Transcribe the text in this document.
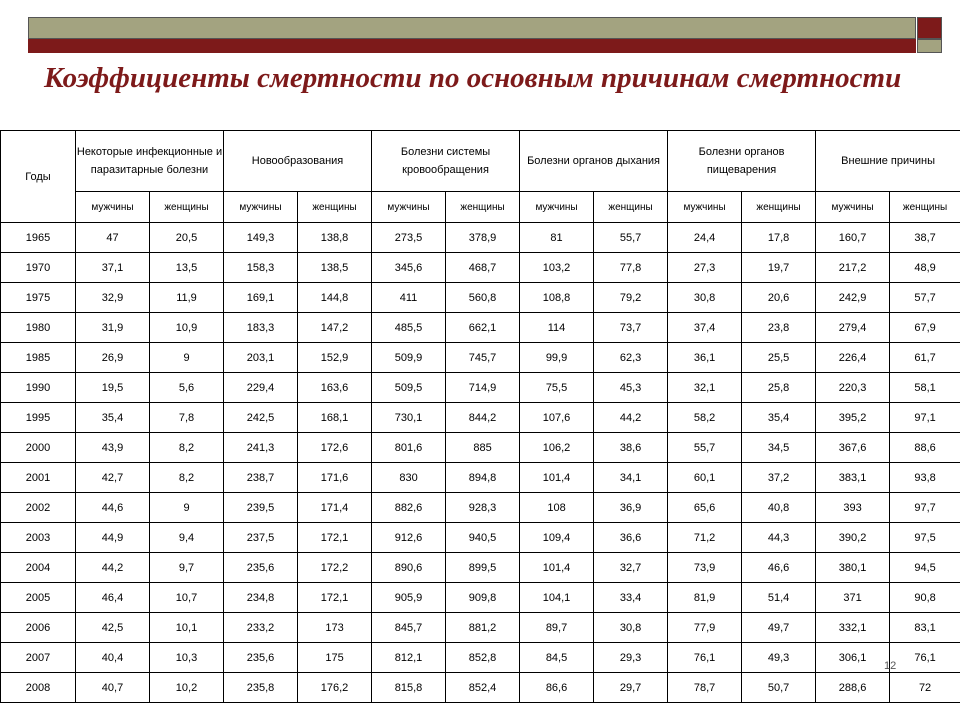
Коэффициенты смертности по основным причинам смертности
Годы	Некоторые инфекционные и паразитарные болезни		Новообразования		Болезни системы кровообращения		Болезни органов дыхания		Болезни органов пищеварения		Внешние причины	
	мужчины	женщины	мужчины	женщины	мужчины	женщины	мужчины	женщины	мужчины	женщины	мужчины	женщины
1965	47	20,5	149,3	138,8	273,5	378,9	81	55,7	24,4	17,8	160,7	38,7
1970	37,1	13,5	158,3	138,5	345,6	468,7	103,2	77,8	27,3	19,7	217,2	48,9
1975	32,9	11,9	169,1	144,8	411	560,8	108,8	79,2	30,8	20,6	242,9	57,7
1980	31,9	10,9	183,3	147,2	485,5	662,1	114	73,7	37,4	23,8	279,4	67,9
1985	26,9	9	203,1	152,9	509,9	745,7	99,9	62,3	36,1	25,5	226,4	61,7
1990	19,5	5,6	229,4	163,6	509,5	714,9	75,5	45,3	32,1	25,8	220,3	58,1
1995	35,4	7,8	242,5	168,1	730,1	844,2	107,6	44,2	58,2	35,4	395,2	97,1
2000	43,9	8,2	241,3	172,6	801,6	885	106,2	38,6	55,7	34,5	367,6	88,6
2001	42,7	8,2	238,7	171,6	830	894,8	101,4	34,1	60,1	37,2	383,1	93,8
2002	44,6	9	239,5	171,4	882,6	928,3	108	36,9	65,6	40,8	393	97,7
2003	44,9	9,4	237,5	172,1	912,6	940,5	109,4	36,6	71,2	44,3	390,2	97,5
2004	44,2	9,7	235,6	172,2	890,6	899,5	101,4	32,7	73,9	46,6	380,1	94,5
2005	46,4	10,7	234,8	172,1	905,9	909,8	104,1	33,4	81,9	51,4	371	90,8
2006	42,5	10,1	233,2	173	845,7	881,2	89,7	30,8	77,9	49,7	332,1	83,1
2007	40,4	10,3	235,6	175	812,1	852,8	84,5	29,3	76,1	49,3	306,1	76,1
2008	40,7	10,2	235,8	176,2	815,8	852,4	86,6	29,7	78,7	50,7	288,6	72
12
